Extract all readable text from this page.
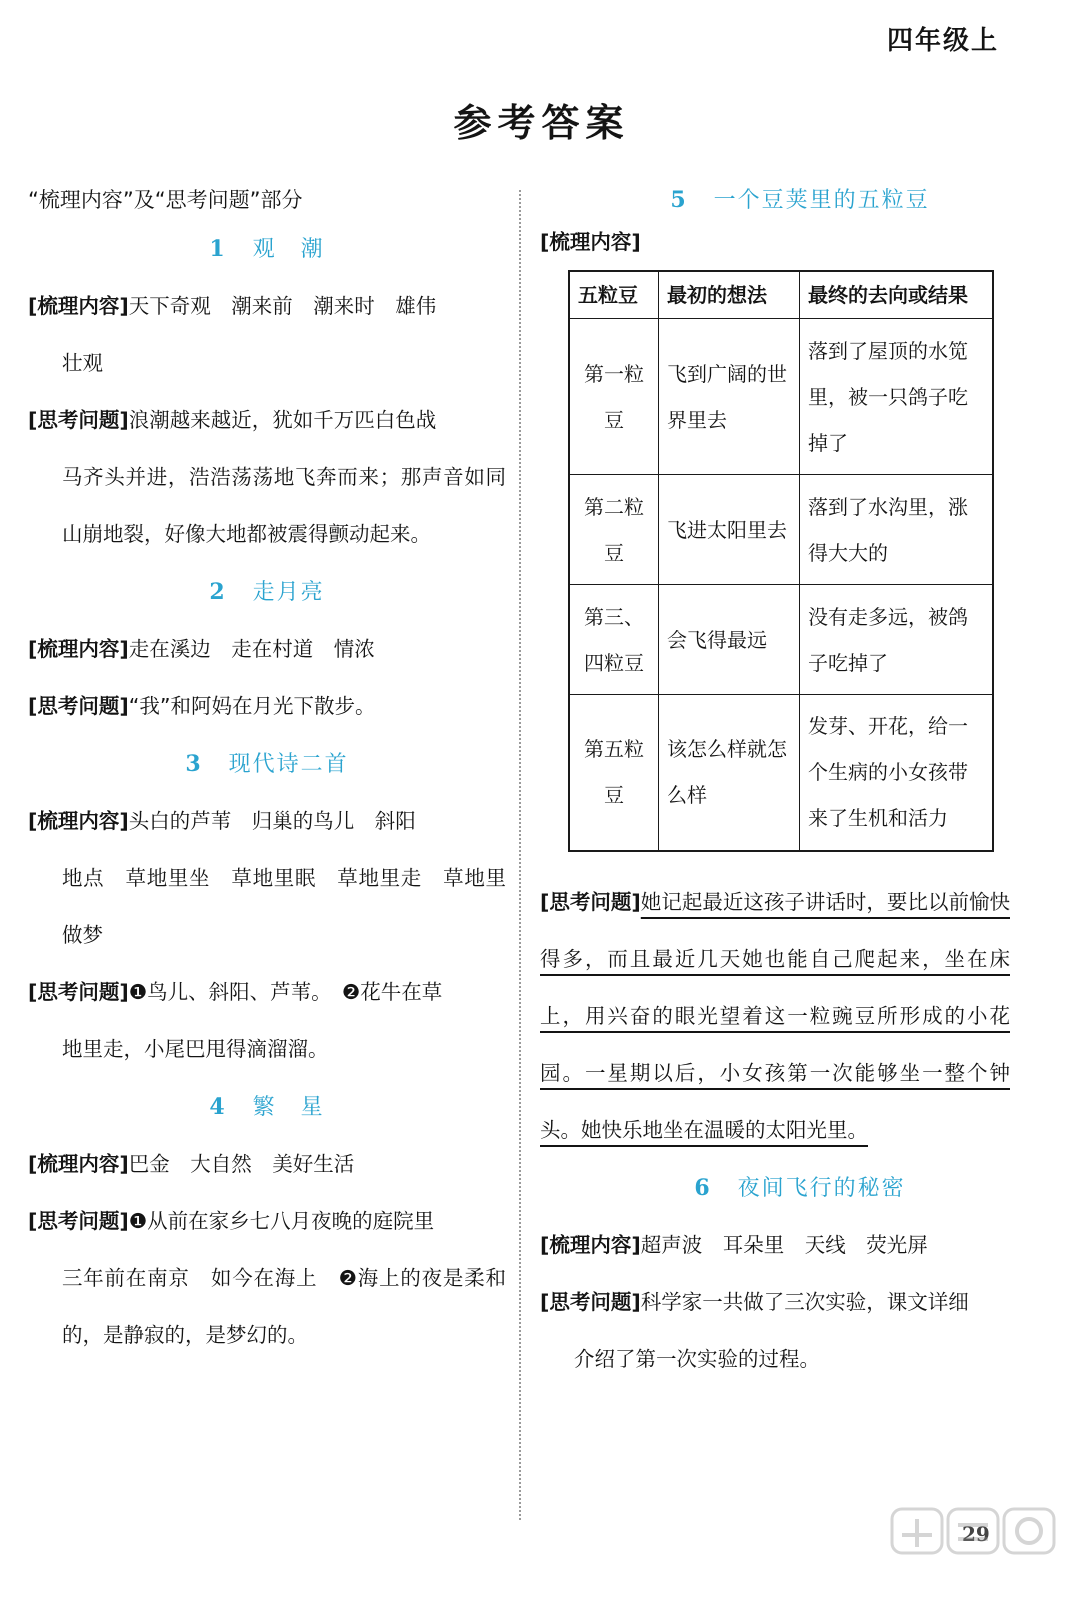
四年级上
参考答案
“梳理内容”及“思考问题”部分
1 观　潮
[梳理内容]天下奇观　潮来前　潮来时　雄伟
壮观
[思考问题]浪潮越来越近，犹如千万匹白色战
马齐头并进，浩浩荡荡地飞奔而来；那声音如同山崩地裂，好像大地都被震得颤动起来。
2 走月亮
[梳理内容]走在溪边　走在村道　情浓
[思考问题]“我”和阿妈在月光下散步。
3 现代诗二首
[梳理内容]头白的芦苇　归巢的鸟儿　斜阳
地点　草地里坐　草地里眠　草地里走　草地里做梦
[思考问题]❶鸟儿、斜阳、芦苇。　❷花牛在草
地里走，小尾巴甩得滴溜溜。
4 繁　星
[梳理内容]巴金　大自然　美好生活
[思考问题]❶从前在家乡七八月夜晚的庭院里
三年前在南京　如今在海上　❷海上的夜是柔和的，是静寂的，是梦幻的。
5 一个豆荚里的五粒豆
[梳理内容]
五粒豆	最初的想法	最终的去向或结果
第一粒豆	飞到广阔的世界里去	落到了屋顶的水笕里，被一只鸽子吃掉了
第二粒豆	飞进太阳里去	落到了水沟里，涨得大大的
第三、四粒豆	会飞得最远	没有走多远，被鸽子吃掉了
第五粒豆	该怎么样就怎么样	发芽、开花，给一个生病的小女孩带来了生机和活力
[思考问题]她记起最近这孩子讲话时，要比以前愉快得多，而且最近几天她也能自己爬起来，坐在床上，用兴奋的眼光望着这一粒豌豆所形成的小花园。一星期以后，小女孩第一次能够坐一整个钟头。她快乐地坐在温暖的太阳光里。
6 夜间飞行的秘密
[梳理内容]超声波　耳朵里　天线　荧光屏
[思考问题]科学家一共做了三次实验，课文详细
介绍了第一次实验的过程。
29
